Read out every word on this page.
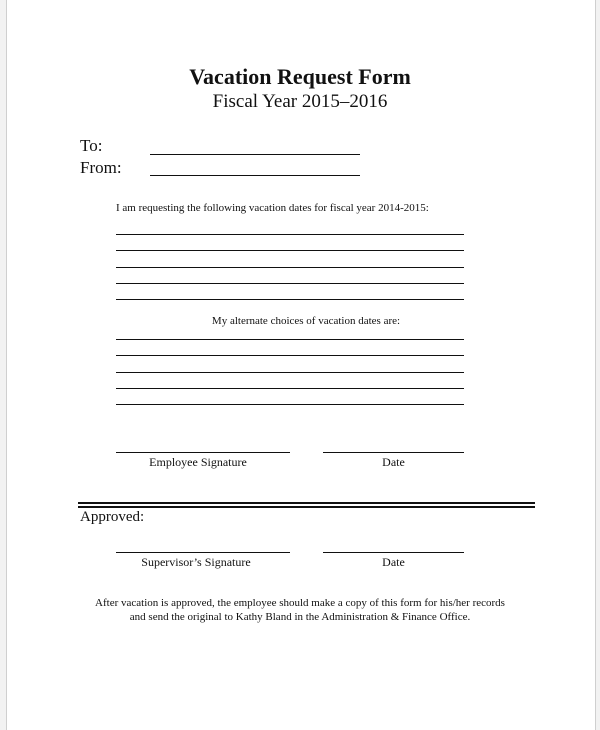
Vacation Request Form
Fiscal Year 2015–2016
To:
From:
I am requesting the following vacation dates for fiscal year 2014-2015:
My alternate choices of vacation dates are:
Employee Signature	Date
Approved:
Supervisor’s Signature	Date
After vacation is approved, the employee should make a copy of this form for his/her records
and send the original to Kathy Bland in the Administration & Finance Office.
